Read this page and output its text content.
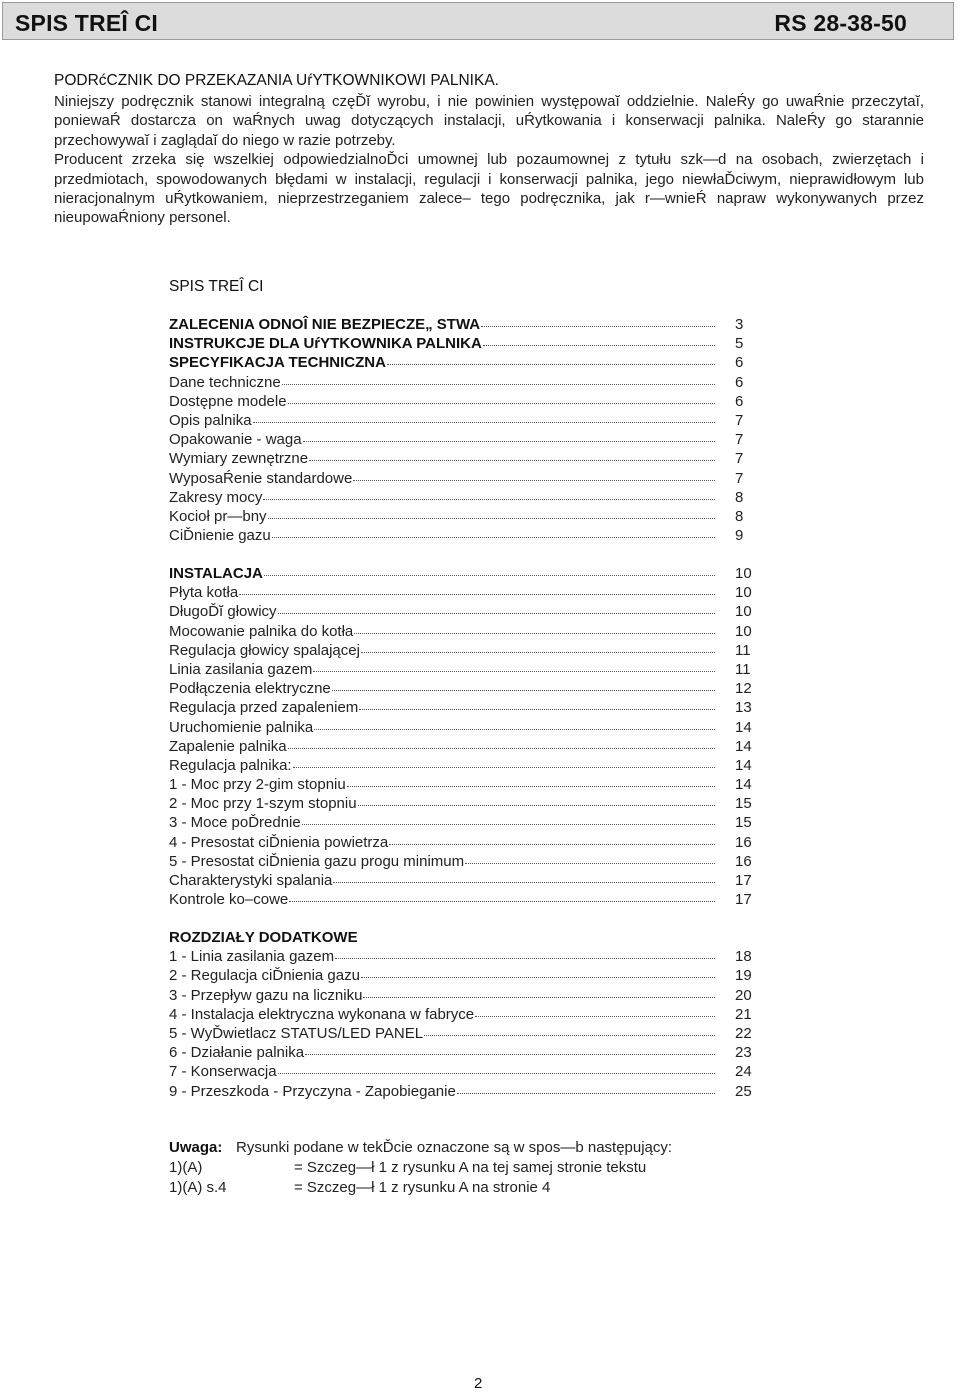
SPIS TREÎ CI	RS 28-38-50
PODRćCZNIK DO PRZEKAZANIA UŕYTKOWNIKOWI PALNIKA.

Niniejszy podręcznik stanowi integralną częĎĭ wyrobu, i nie powinien występowaĭ oddzielnie. NaleŔy go uwaŔnie przeczytaĭ, poniewaŔ dostarcza on waŔnych uwag dotyczących instalacji, uŔytkowania i konserwacji palnika. NaleŔy go starannie przechowywaĭ i zaglądaĭ do niego w razie potrzeby.

Producent zrzeka się wszelkiej odpowiedzialnoĎci umownej lub pozaumownej z tytułu szk—d na osobach, zwierzętach i przedmiotach, spowodowanych błędami w instalacji, regulacji i konserwacji palnika, jego niewłaĎciwym, nieprawidłowym lub nieracjonalnym uŔytkowaniem, nieprzestrzeganiem zalece– tego podręcznika, jak r—wnieŔ napraw wykonywanych przez nieupowaŔniony personel.

SPIS TREÎ CI
ZALECENIA ODNOÎ NIE BEZPIECZE„ STWA	3
INSTRUKCJE DLA UŕYTKOWNIKA PALNIKA	5
SPECYFIKACJA TECHNICZNA	6
Dane techniczne	6
Dostępne modele	6
Opis palnika	7
Opakowanie - waga	7
Wymiary zewnętrzne	7
WyposaŔenie standardowe	7
Zakresy mocy	8
Kocioł pr—bny	8
CiĎnienie gazu	9
INSTALACJA	10
Płyta kotła	10
DługoĎĭ głowicy	10
Mocowanie palnika do kotła	10
Regulacja głowicy spalającej	11
Linia zasilania gazem	11
Podłączenia elektryczne	12
Regulacja przed zapaleniem	13
Uruchomienie palnika	14
Zapalenie palnika	14
Regulacja palnika:	14
1 - Moc przy 2-gim stopniu	14
2 - Moc przy 1-szym stopniu	15
3 - Moce poĎrednie	15
4 - Presostat ciĎnienia powietrza	16
5 - Presostat ciĎnienia gazu progu minimum	16
Charakterystyki spalania	17
Kontrole ko–cowe	17
ROZDZIAŁY DODATKOWE
1 - Linia zasilania gazem	18
2 - Regulacja ciĎnienia gazu	19
3 - Przepływ gazu na liczniku	20
4 - Instalacja elektryczna wykonana w fabryce	21
5 - WyĎwietlacz STATUS/LED PANEL	22
6 - Działanie palnika	23
7 - Konserwacja	24
9 - Przeszkoda - Przyczyna - Zapobieganie	25
Uwaga: Rysunki podane w tekĎcie oznaczone są w spos—b następujący:
1)(A)	= Szczeg—ł 1 z rysunku A na tej samej stronie tekstu
1)(A) s.4	= Szczeg—ł 1 z rysunku A na stronie 4
2
